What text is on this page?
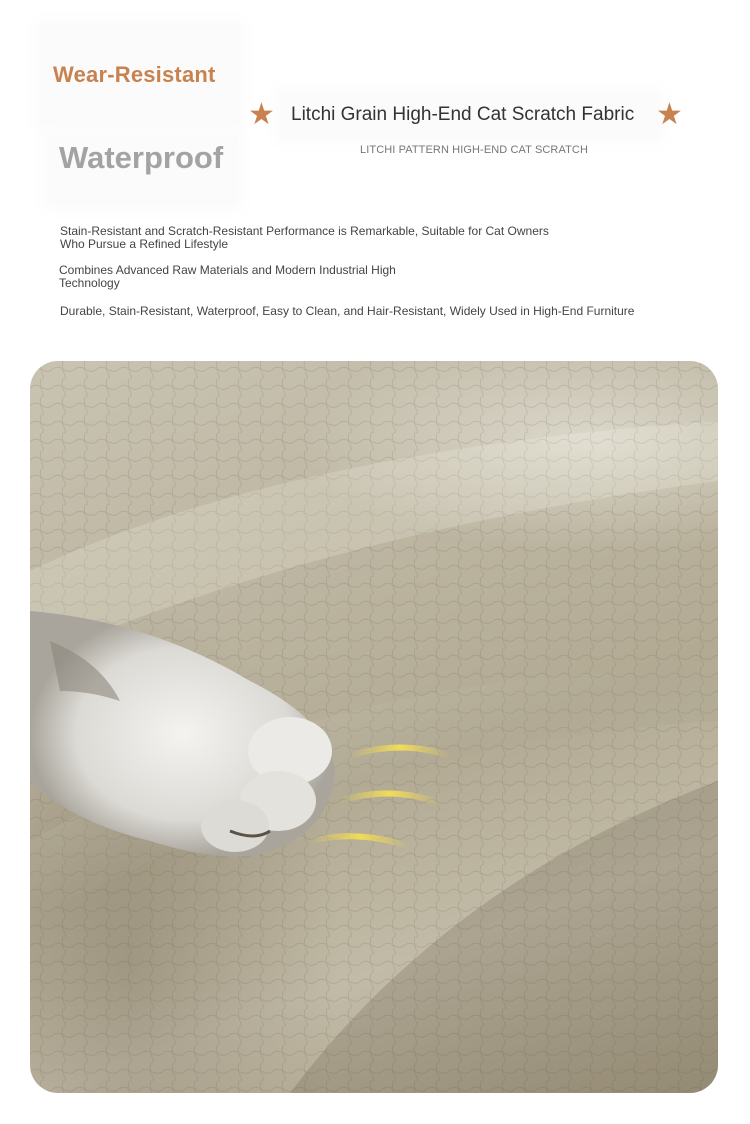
Wear-Resistant
Waterproof
★ Litchi Grain High-End Cat Scratch Fabric ★
LITCHI PATTERN HIGH-END CAT SCRATCH
Stain-Resistant and Scratch-Resistant Performance is Remarkable, Suitable for Cat Owners Who Pursue a Refined Lifestyle
Combines Advanced Raw Materials and Modern Industrial High Technology
Durable, Stain-Resistant, Waterproof, Easy to Clean, and Hair-Resistant, Widely Used in High-End Furniture
